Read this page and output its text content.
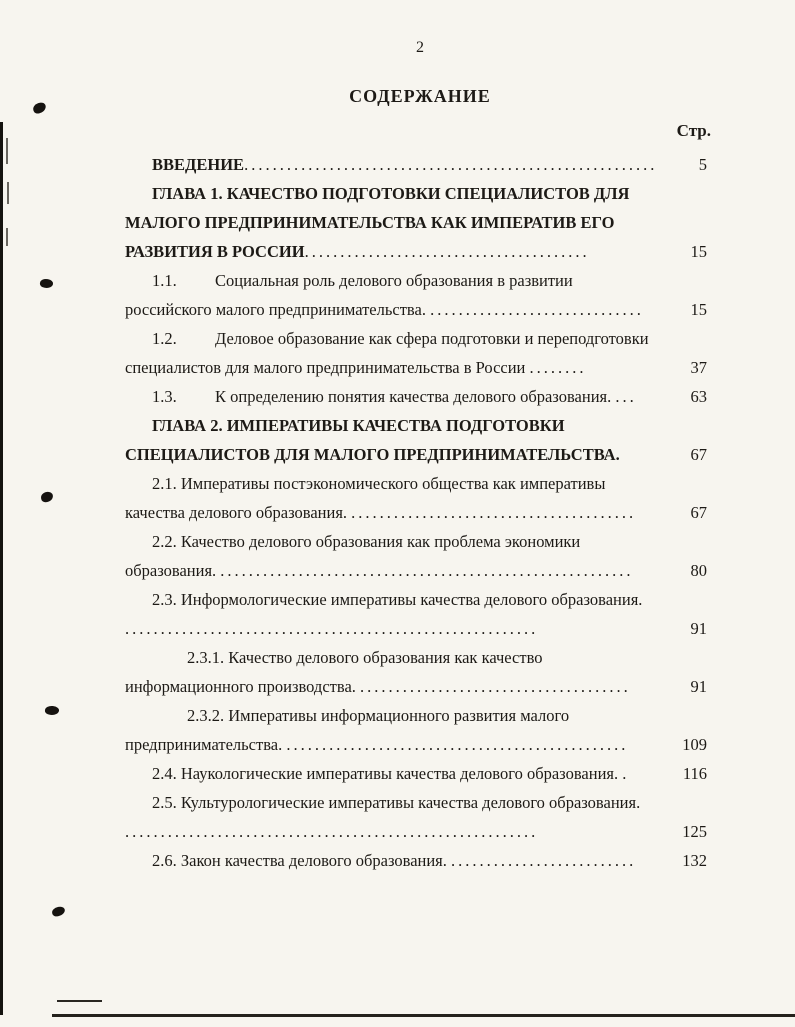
2
СОДЕРЖАНИЕ
Стр.
ВВЕДЕНИЕ..........................................................	5
ГЛАВА 1. КАЧЕСТВО ПОДГОТОВКИ СПЕЦИАЛИСТОВ ДЛЯ МАЛОГО ПРЕДПРИНИМАТЕЛЬСТВА КАК ИМПЕРАТИВ ЕГО РАЗВИТИЯ В РОССИИ........................................	15
1.1. Социальная роль делового образования в развитии российского малого предпринимательства. ..............................	15
1.2. Деловое образование как сфера подготовки и переподготовки специалистов для малого предпринимательства в России ........	37
1.3. К определению понятия качества делового образования. ...	63
ГЛАВА 2. ИМПЕРАТИВЫ КАЧЕСТВА ПОДГОТОВКИ СПЕЦИАЛИСТОВ ДЛЯ МАЛОГО ПРЕДПРИНИМАТЕЛЬСТВА.	67
2.1. Императивы постэкономического общества как императивы качества делового образования. ........................................	67
2.2. Качество делового образования как проблема экономики образования. ..........................................................	80
2.3. Информологические императивы качества делового образования. ..........................................................	91
2.3.1. Качество делового образования как качество информационного производства. ......................................	91
2.3.2. Императивы информационного развития малого предпринимательства. ................................................	109
2.4. Наукологические императивы качества делового образования. .	116
2.5. Культурологические императивы качества делового образования. ..........................................................	125
2.6. Закон качества делового образования. ..........................	132
